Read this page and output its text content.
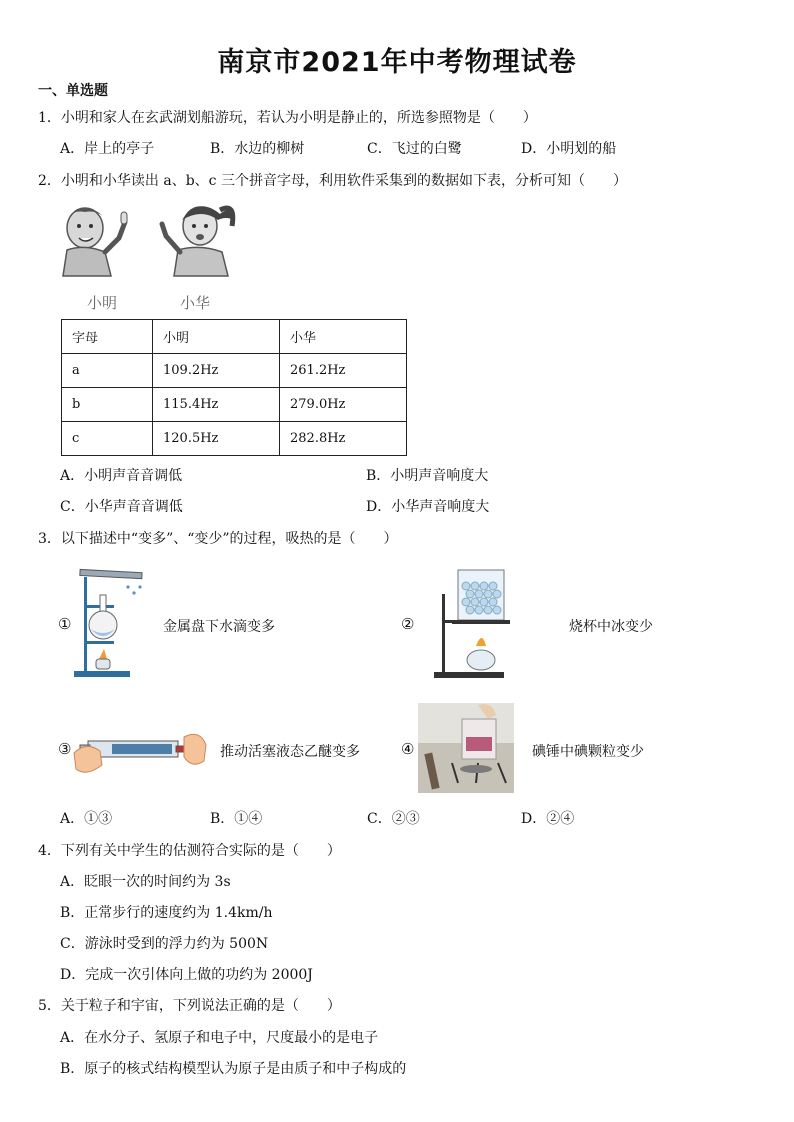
南京市2021年中考物理试卷
一、单选题
1．小明和家人在玄武湖划船游玩，若认为小明是静止的，所选参照物是（　　）
A．岸上的亭子	B．水边的柳树	C．飞过的白鹭	D．小明划的船
2．小明和小华读出 a、b、c 三个拼音字母，利用软件采集到的数据如下表，分析可知（　　）
小明	小华
字母	小明	小华
a	109.2Hz	261.2Hz
b	115.4Hz	279.0Hz
c	120.5Hz	282.8Hz
A．小明声音音调低	B．小明声音响度大
C．小华声音音调低	D．小华声音响度大
3．以下描述中“变多”、“变少”的过程，吸热的是（　　）
①	金属盘下水滴变多	②	烧杯中冰变少
③	推动活塞液态乙醚变多	④	碘锤中碘颗粒变少
A．①③	B．①④	C．②③	D．②④
4．下列有关中学生的估测符合实际的是（　　）
A．眨眼一次的时间约为 3s
B．正常步行的速度约为 1.4km/h
C．游泳时受到的浮力约为 500N
D．完成一次引体向上做的功约为 2000J
5．关于粒子和宇宙，下列说法正确的是（　　）
A．在水分子、氢原子和电子中，尺度最小的是电子
B．原子的核式结构模型认为原子是由质子和中子构成的
